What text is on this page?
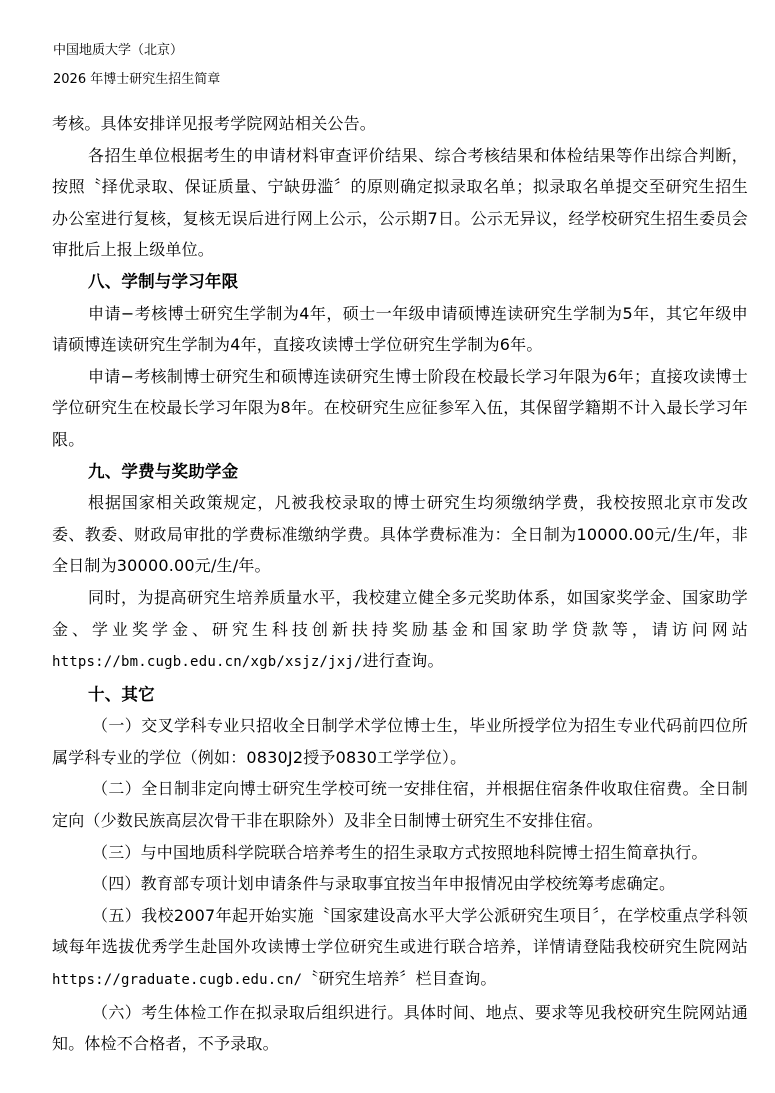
中国地质大学（北京）
2026 年博士研究生招生简章

考核。具体安排详见报考学院网站相关公告。

各招生单位根据考生的申请材料审查评价结果、综合考核结果和体检结果等作出综合判断，按照〝择优录取、保证质量、宁缺毋滥〞的原则确定拟录取名单；拟录取名单提交至研究生招生办公室进行复核，复核无误后进行网上公示，公示期7日。公示无异议，经学校研究生招生委员会审批后上报上级单位。

八、学制与学习年限

申请−考核博士研究生学制为4年，硕士一年级申请硕博连读研究生学制为5年，其它年级申请硕博连读研究生学制为4年，直接攻读博士学位研究生学制为6年。

申请−考核制博士研究生和硕博连读研究生博士阶段在校最长学习年限为6年；直接攻读博士学位研究生在校最长学习年限为8年。在校研究生应征参军入伍，其保留学籍期不计入最长学习年限。

九、学费与奖助学金

根据国家相关政策规定，凡被我校录取的博士研究生均须缴纳学费，我校按照北京市发改委、教委、财政局审批的学费标准缴纳学费。具体学费标准为：全日制为10000.00元/生/年，非全日制为30000.00元/生/年。

同时，为提高研究生培养质量水平，我校建立健全多元奖助体系，如国家奖学金、国家助学金、学业奖学金、研究生科技创新扶持奖励基金和国家助学贷款等，请访问网站https://bm.cugb.edu.cn/xgb/xsjz/jxj/进行查询。

十、其它

（一）交叉学科专业只招收全日制学术学位博士生，毕业所授学位为招生专业代码前四位所属学科专业的学位（例如：0830J2授予0830工学学位）。

（二）全日制非定向博士研究生学校可统一安排住宿，并根据住宿条件收取住宿费。全日制定向（少数民族高层次骨干非在职除外）及非全日制博士研究生不安排住宿。

（三）与中国地质科学院联合培养考生的招生录取方式按照地科院博士招生简章执行。

（四）教育部专项计划申请条件与录取事宜按当年申报情况由学校统筹考虑确定。

（五）我校2007年起开始实施〝国家建设高水平大学公派研究生项目〞，在学校重点学科领域每年选拔优秀学生赴国外攻读博士学位研究生或进行联合培养，详情请登陆我校研究生院网站https://graduate.cugb.edu.cn/〝研究生培养〞栏目查询。

（六）考生体检工作在拟录取后组织进行。具体时间、地点、要求等见我校研究生院网站通知。体检不合格者，不予录取。
